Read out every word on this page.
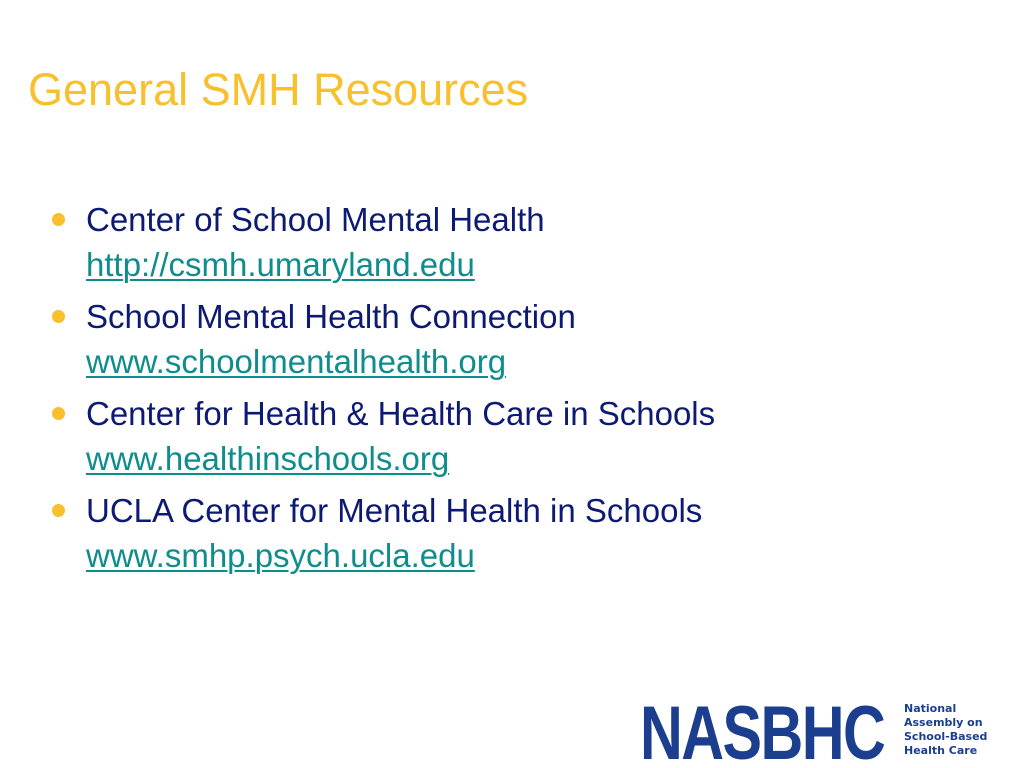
General SMH Resources
Center of School Mental Health
http://csmh.umaryland.edu
School Mental Health Connection
www.schoolmentalhealth.org
Center for Health & Health Care in Schools
www.healthinschools.org
UCLA Center for Mental Health in Schools
www.smhp.psych.ucla.edu
NASBHC National
Assembly on
School-Based
Health Care
